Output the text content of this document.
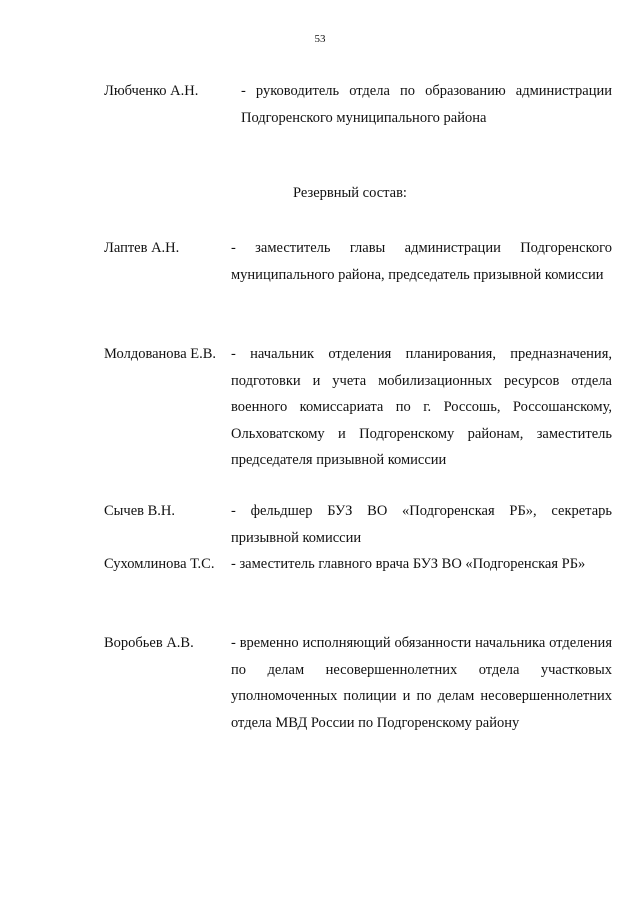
53
Любченко А.Н.	- руководитель отдела по образованию администрации Подгоренского муниципального района
Резервный состав:
Лаптев А.Н.	- заместитель главы администрации Подгоренского муниципального района, председатель призывной комиссии
Молдованова Е.В.	- начальник отделения планирования, предназначения, подготовки и учета мобилизационных ресурсов отдела военного комиссариата по г. Россошь, Россошанскому, Ольховатскому и Подгоренскому районам, заместитель председателя призывной комиссии
Сычев В.Н.	- фельдшер БУЗ ВО «Подгоренская РБ», секретарь призывной комиссии
Сухомлинова Т.С.	- заместитель главного врача БУЗ ВО «Подгоренская РБ»
Воробьев А.В.	- временно исполняющий обязанности начальника отделения по делам несовершеннолетних отдела участковых уполномоченных полиции и по делам несовершеннолетних отдела МВД России по Подгоренскому району
